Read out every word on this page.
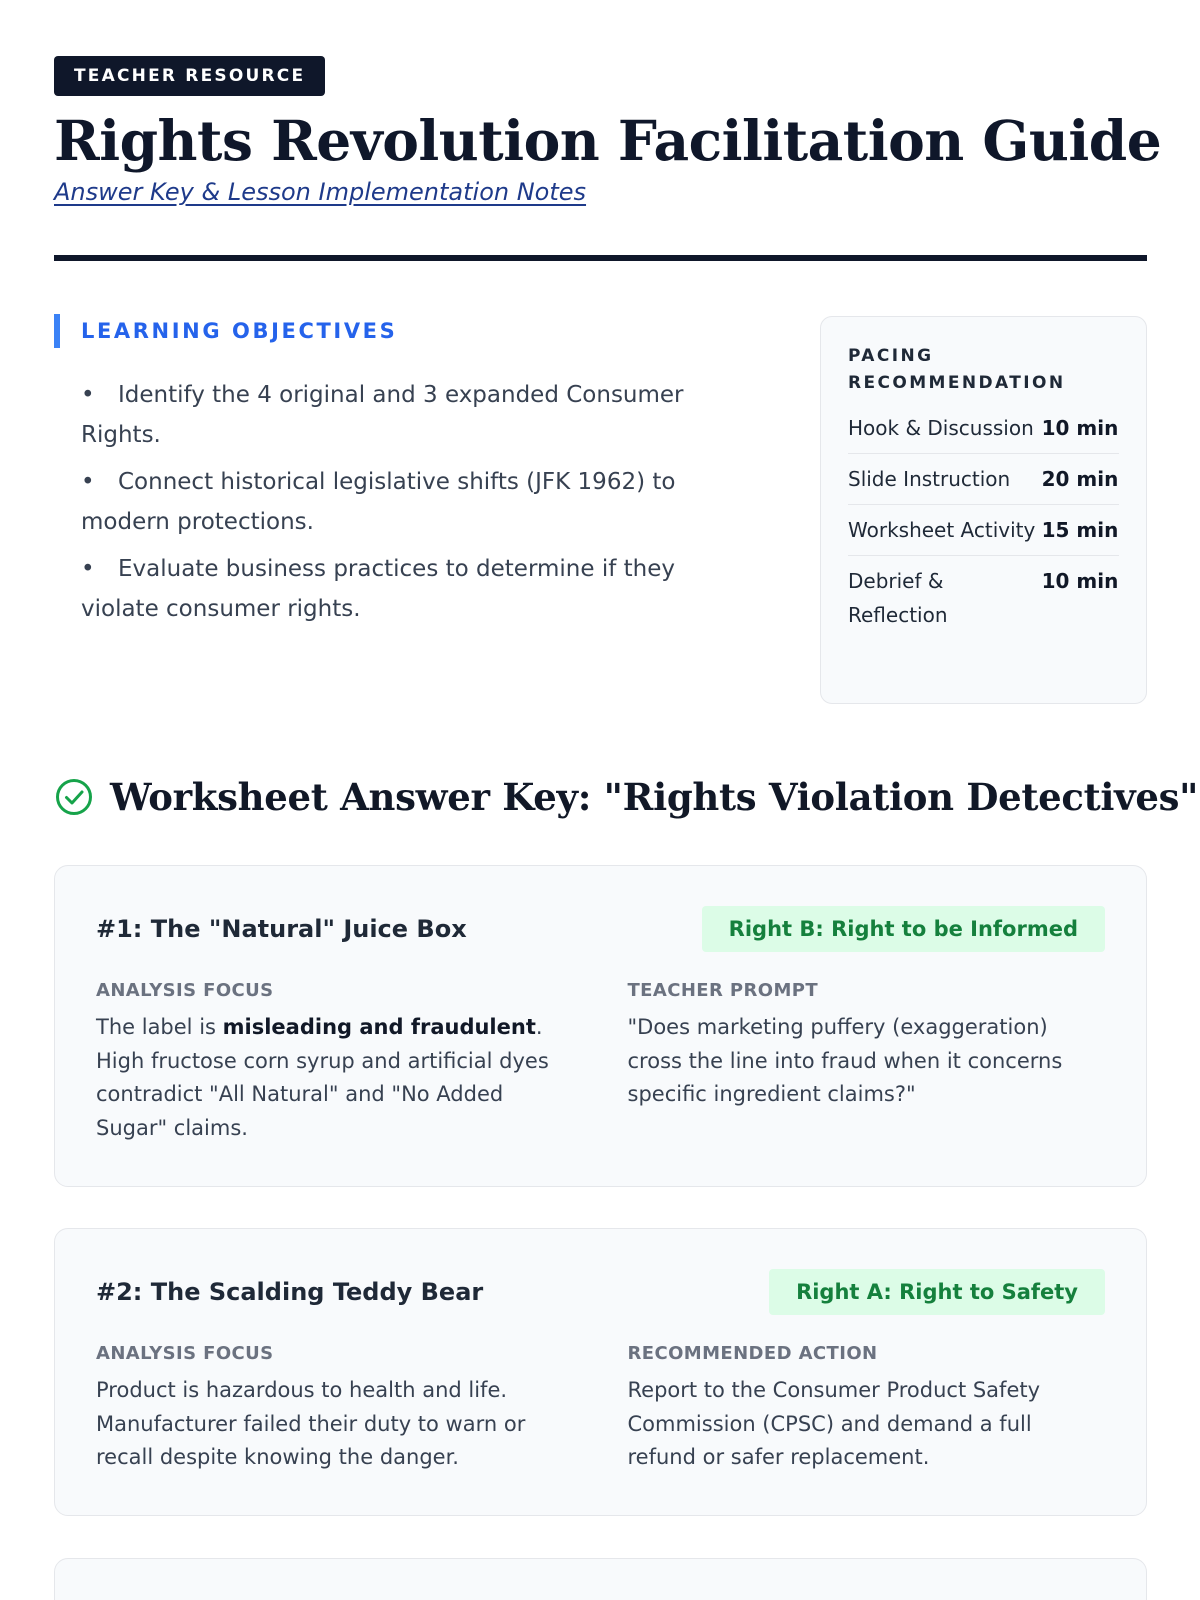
TEACHER RESOURCE
Rights Revolution Facilitation Guide
Answer Key & Lesson Implementation Notes
LEARNING OBJECTIVES
• Identify the 4 original and 3 expanded Consumer Rights.
• Connect historical legislative shifts (JFK 1962) to modern protections.
• Evaluate business practices to determine if they violate consumer rights.
PACING RECOMMENDATION
Hook & Discussion 10 min
Slide Instruction	20 min
Worksheet Activity 15 min
Debrief & Reflection
10 min
Worksheet Answer Key: "Rights Violation Detectives"
#1: The "Natural" Juice Box	Right B: Right to be Informed
ANALYSIS FOCUS
The label is misleading and fraudulent. High fructose corn syrup and artificial dyes contradict "All Natural" and "No Added Sugar" claims.
TEACHER PROMPT
"Does marketing puffery (exaggeration) cross the line into fraud when it concerns specific ingredient claims?"
#2: The Scalding Teddy Bear	Right A: Right to Safety
ANALYSIS FOCUS
Product is hazardous to health and life. Manufacturer failed their duty to warn or recall despite knowing the danger.
RECOMMENDED ACTION
Report to the Consumer Product Safety Commission (CPSC) and demand a full refund or safer replacement.
